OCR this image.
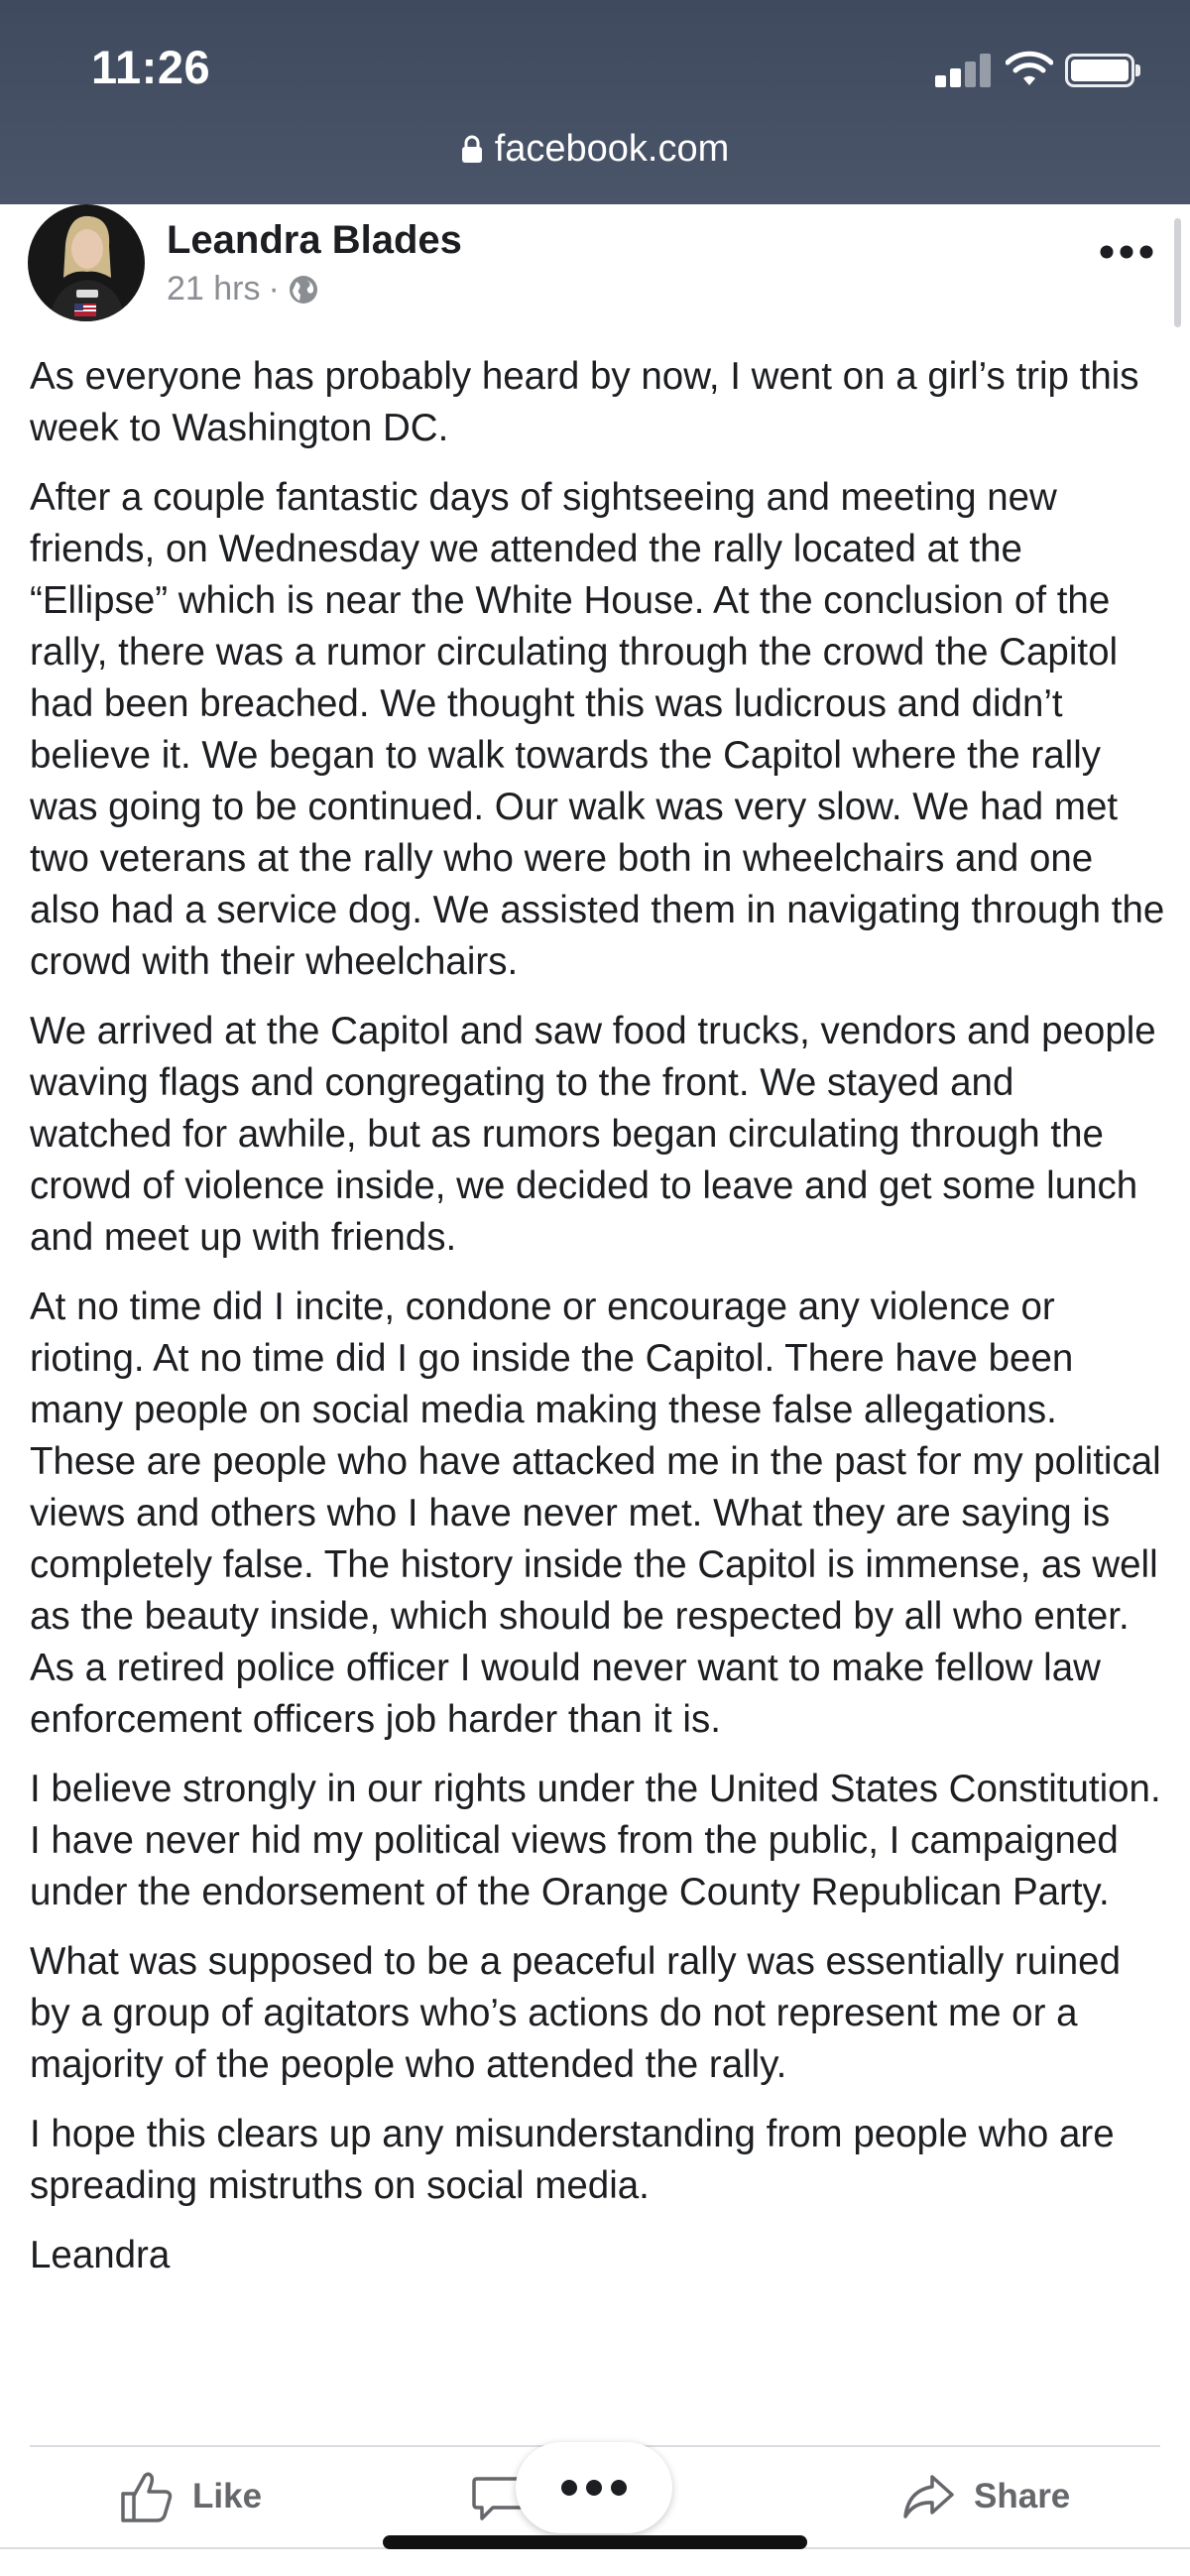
11:26
facebook.com
Leandra Blades
21 hrs ·

As everyone has probably heard by now, I went on a girl’s trip this week to Washington DC.

After a couple fantastic days of sightseeing and meeting new friends, on Wednesday we attended the rally located at the “Ellipse” which is near the White House. At the conclusion of the rally, there was a rumor circulating through the crowd the Capitol had been breached. We thought this was ludicrous and didn’t believe it. We began to walk towards the Capitol where the rally was going to be continued. Our walk was very slow. We had met two veterans at the rally who were both in wheelchairs and one also had a service dog. We assisted them in navigating through the crowd with their wheelchairs.

We arrived at the Capitol and saw food trucks, vendors and people waving flags and congregating to the front. We stayed and watched for awhile, but as rumors began circulating through the crowd of violence inside, we decided to leave and get some lunch and meet up with friends.

At no time did I incite, condone or encourage any violence or rioting. At no time did I go inside the Capitol. There have been many people on social media making these false allegations. These are people who have attacked me in the past for my political views and others who I have never met. What they are saying is completely false. The history inside the Capitol is immense, as well as the beauty inside, which should be respected by all who enter. As a retired police officer I would never want to make fellow law enforcement officers job harder than it is.

I believe strongly in our rights under the United States Constitution. I have never hid my political views from the public, I campaigned under the endorsement of the Orange County Republican Party.

What was supposed to be a peaceful rally was essentially ruined by a group of agitators who’s actions do not represent me or a majority of the people who attended the rally.

I hope this clears up any misunderstanding from people who are spreading mistruths on social media.

Leandra

Like	Share
